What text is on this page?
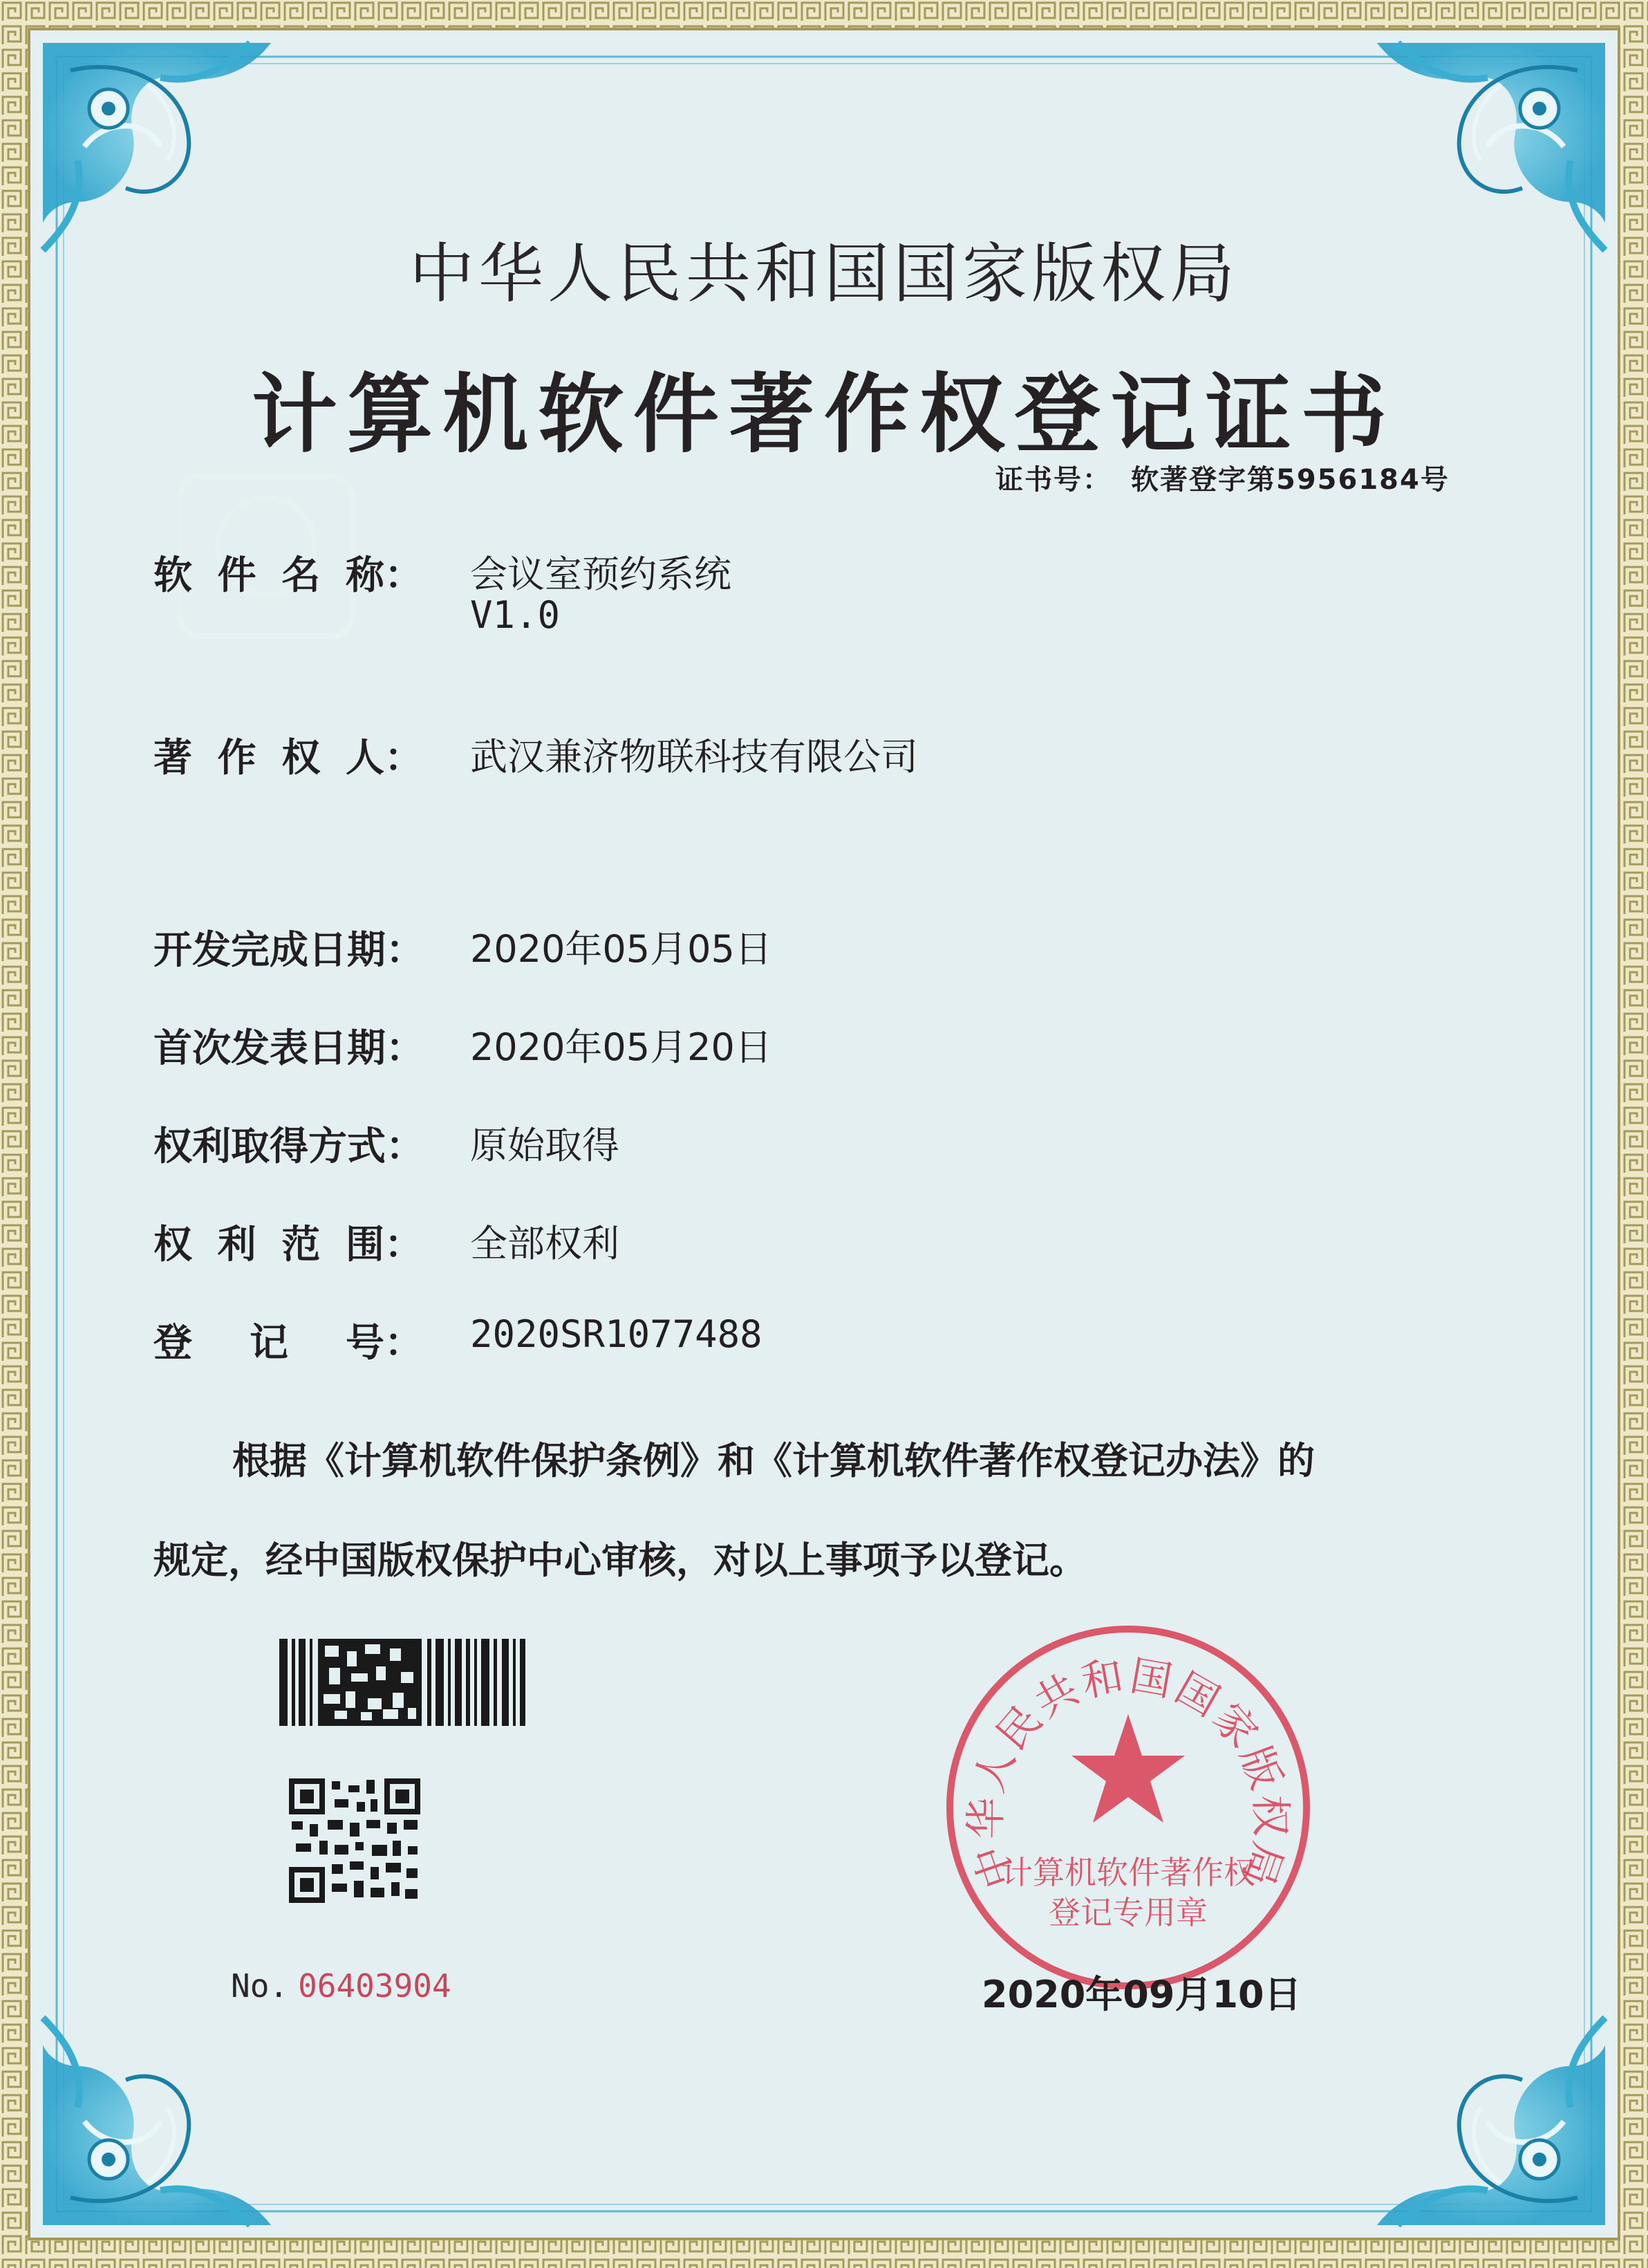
中华人民共和国国家版权局
计算机软件著作权登记证书
证书号： 软著登字第5956184号
软 件 名 称： 会议室预约系统
V1.0
著 作 权 人： 武汉兼济物联科技有限公司
开发完成日期： 2020年05月05日
首次发表日期： 2020年05月20日
权利取得方式： 原始取得
权 利 范 围： 全部权利
登 记 号： 2020SR1077488
根据《计算机软件保护条例》和《计算机软件著作权登记办法》的
规定，经中国版权保护中心审核，对以上事项予以登记。
No. 06403904
中华人民共和国国家版权局
计算机软件著作权
登记专用章
2020年09月10日
